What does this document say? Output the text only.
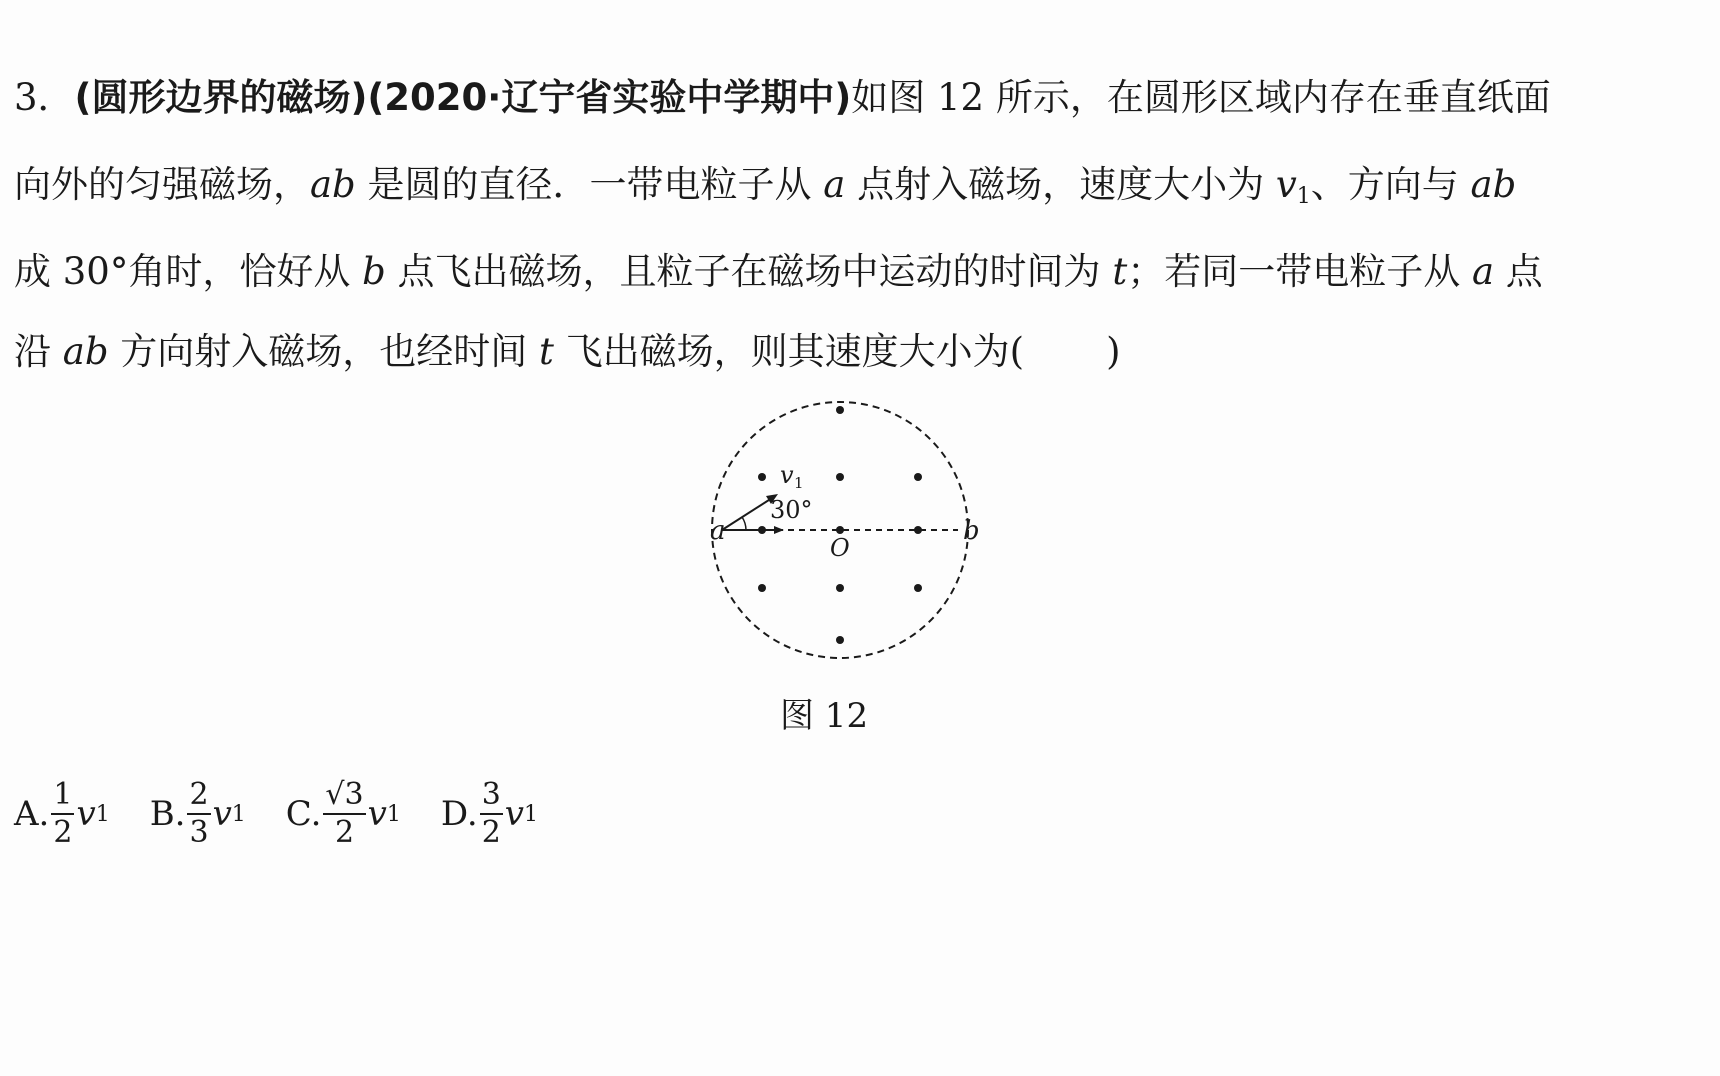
3．(圆形边界的磁场)(2020·辽宁省实验中学期中)如图 12 所示，在圆形区域内存在垂直纸面
向外的匀强磁场，ab 是圆的直径．一带电粒子从 a 点射入磁场，速度大小为 $v_1$、方向与 ab
成 30°角时，恰好从 b 点飞出磁场，且粒子在磁场中运动的时间为 t；若同一带电粒子从 a 点
沿 ab 方向射入磁场，也经时间 t 飞出磁场，则其速度大小为( )
a	b
O
v 1
30°
图 12
A. $\frac{1}{2}$ v 1 B. $\frac{2}{3}$ v 1 C. $\frac{√3}{2}$ v 1 D. $\frac{3}{2}$ v 1
